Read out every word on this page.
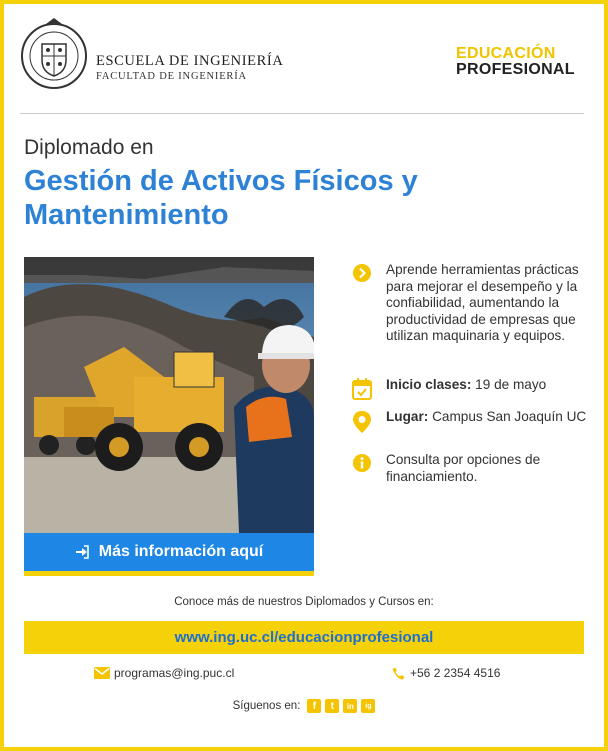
ESCUELA DE INGENIERÍA
FACULTAD DE INGENIERÍA
EDUCACIÓN
PROFESIONAL
Diplomado en
Gestión de Activos Físicos y Mantenimiento
Más información aquí
Aprende herramientas prácticas para mejorar el desempeño y la confiabilidad, aumentando la productividad de empresas que utilizan maquinaria y equipos.
Inicio clases: 19 de mayo
Lugar: Campus San Joaquín UC
Consulta por opciones de financiamiento.
Conoce más de nuestros Diplomados y Cursos en:
www.ing.uc.cl/educacionprofesional
programas@ing.puc.cl	+56 2 2354 4516
Síguenos en:	f	t	in	ig
